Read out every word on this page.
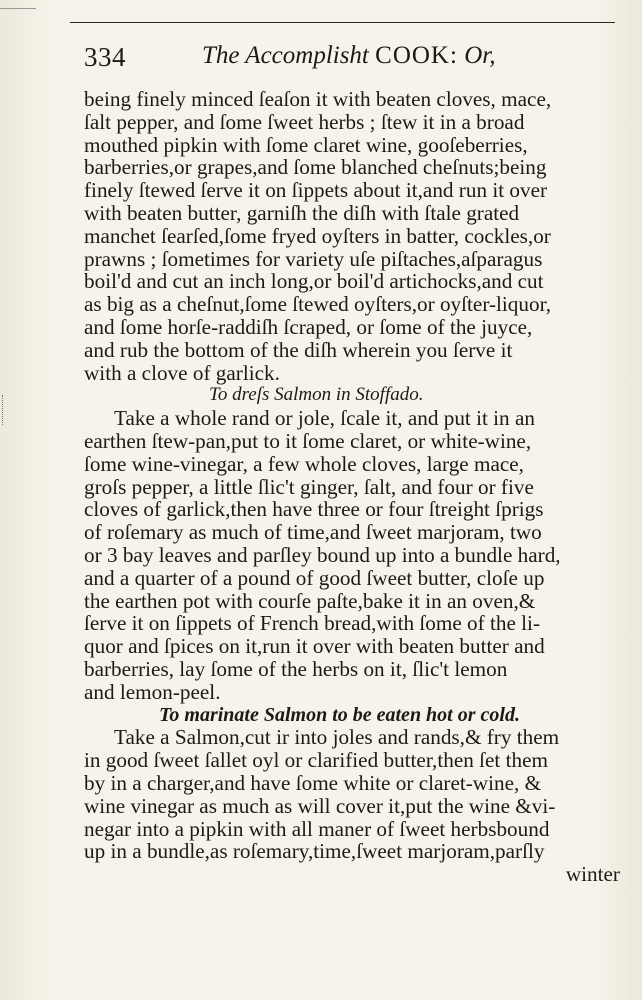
334	The Accomplisht COOK: Or,
being finely minced ſeaſon it with beaten cloves, mace,
ſalt pepper, and ſome ſweet herbs ; ſtew it in a broad
mouthed pipkin with ſome claret wine, gooſeberries,
barberries,or grapes,and ſome blanched cheſnuts;being
finely ſtewed ſerve it on ſippets about it,and run it over
with beaten butter, garniſh the diſh with ſtale grated
manchet ſearſed,ſome fryed oyſters in batter, cockles,or
prawns ; ſometimes for variety uſe piſtaches,aſparagus
boil'd and cut an inch long,or boil'd artichocks,and cut
as big as a cheſnut,ſome ſtewed oyſters,or oyſter-liquor,
and ſome horſe-raddiſh ſcraped, or ſome of the juyce,
and rub the bottom of the diſh wherein you ſerve it
with a clove of garlick.
To dreſs Salmon in Stoffado.
Take a whole rand or jole, ſcale it, and put it in an
earthen ſtew-pan,put to it ſome claret, or white-wine,
ſome wine-vinegar, a few whole cloves, large mace,
groſs pepper, a little ſlic't ginger, ſalt, and four or five
cloves of garlick,then have three or four ſtreight ſprigs
of roſemary as much of time,and ſweet marjoram, two
or 3 bay leaves and parſley bound up into a bundle hard,
and a quarter of a pound of good ſweet butter, cloſe up
the earthen pot with courſe paſte,bake it in an oven,&
ſerve it on ſippets of French bread,with ſome of the li-
quor and ſpices on it,run it over with beaten butter and
barberries, lay ſome of the herbs on it, ſlic't lemon
and lemon-peel.
To marinate Salmon to be eaten hot or cold.
Take a Salmon,cut ir into joles and rands,& fry them
in good ſweet ſallet oyl or clarified butter,then ſet them
by in a charger,and have ſome white or claret-wine, &
wine vinegar as much as will cover it,put the wine &vi-
negar into a pipkin with all maner of ſweet herbsbound
up in a bundle,as roſemary,time,ſweet marjoram,parſly
winter
